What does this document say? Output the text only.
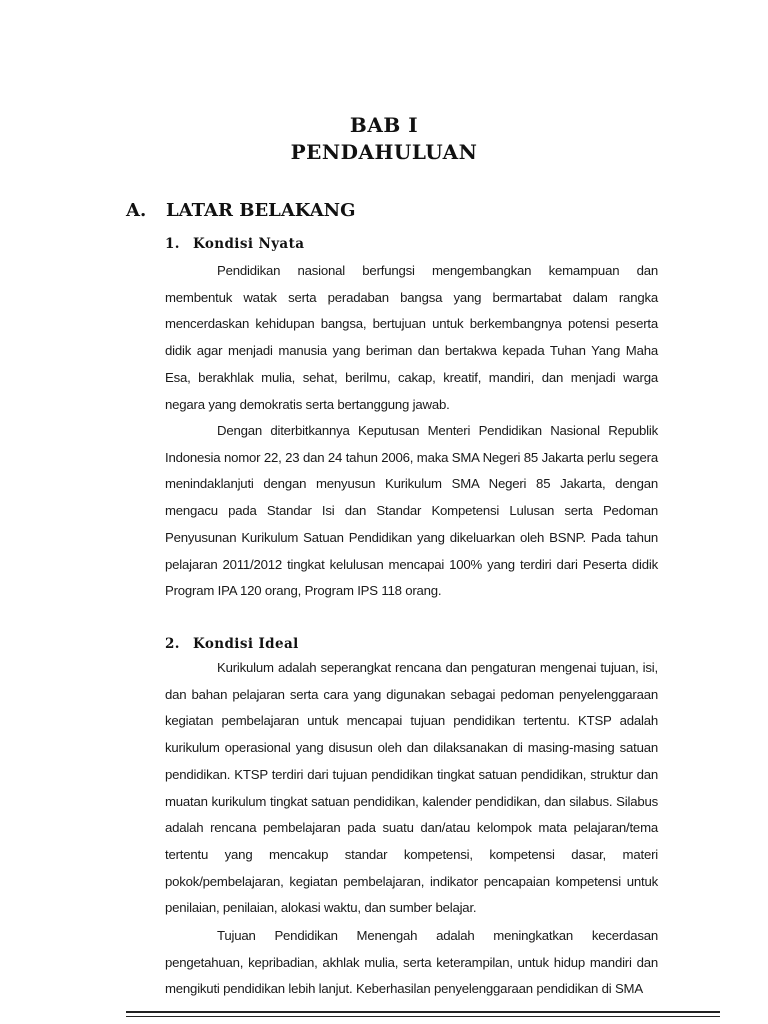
BAB I
PENDAHULUAN
A. LATAR BELAKANG
1. Kondisi Nyata

Pendidikan nasional berfungsi mengembangkan kemampuan dan membentuk watak serta peradaban bangsa yang bermartabat dalam rangka mencerdaskan kehidupan bangsa, bertujuan untuk berkembangnya potensi peserta didik agar menjadi manusia yang beriman dan bertakwa kepada Tuhan Yang Maha Esa, berakhlak mulia, sehat, berilmu, cakap, kreatif, mandiri, dan menjadi warga negara yang demokratis serta bertanggung jawab.

Dengan diterbitkannya Keputusan Menteri Pendidikan Nasional Republik Indonesia nomor 22, 23 dan 24 tahun 2006, maka SMA Negeri 85 Jakarta perlu segera menindaklanjuti dengan menyusun Kurikulum SMA Negeri 85 Jakarta, dengan mengacu pada Standar Isi dan Standar Kompetensi Lulusan serta Pedoman Penyusunan Kurikulum Satuan Pendidikan yang dikeluarkan oleh BSNP. Pada tahun pelajaran 2011/2012 tingkat kelulusan mencapai 100% yang terdiri dari Peserta didik Program IPA 120 orang, Program IPS 118 orang.

2. Kondisi Ideal

Kurikulum adalah seperangkat rencana dan pengaturan mengenai tujuan, isi, dan bahan pelajaran serta cara yang digunakan sebagai pedoman penyelenggaraan kegiatan pembelajaran untuk mencapai tujuan pendidikan tertentu. KTSP adalah kurikulum operasional yang disusun oleh dan dilaksanakan di masing-masing satuan pendidikan. KTSP terdiri dari tujuan pendidikan tingkat satuan pendidikan, struktur dan muatan kurikulum tingkat satuan pendidikan, kalender pendidikan, dan silabus. Silabus adalah rencana pembelajaran pada suatu dan/atau kelompok mata pelajaran/tema tertentu yang mencakup standar kompetensi, kompetensi dasar, materi pokok/pembelajaran, kegiatan pembelajaran, indikator pencapaian kompetensi untuk penilaian, penilaian, alokasi waktu, dan sumber belajar.

Tujuan Pendidikan Menengah adalah meningkatkan kecerdasan pengetahuan, kepribadian, akhlak mulia, serta keterampilan, untuk hidup mandiri dan mengikuti pendidikan lebih lanjut. Keberhasilan penyelenggaraan pendidikan di SMA
